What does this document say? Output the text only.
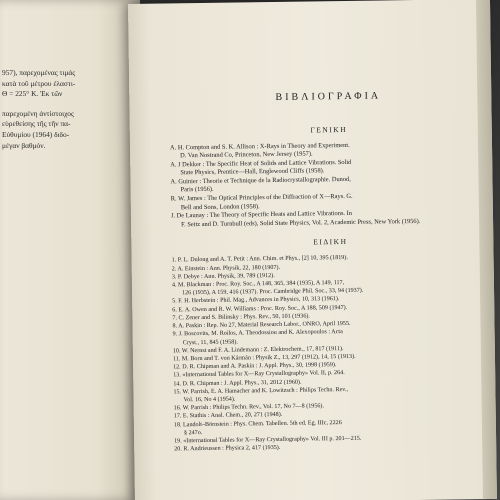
957), παρεχομένας τιμάς
κατὰ τοῦ μέτρου ἐλαστι-
Θ = 225° Κ. Ἐκ τῶν
παρεχομένη ἀντίστοιχος
εὑρεθείσης τῆς τῆν πα-
Εὐθυμίου (1964) διδο-
μέγαν βαθμόν.
ΒΙΒΛΙΟΓΡΑΦΙΑ
ΓΕΝΙΚΗ
A. H. Compton and S. K. Allison : X-Rays in Theory and Experiment.
D. Van Nostrand Co, Princeton, New Jersey (1957).
A. J Dekker : The Specific Heat of Solids and Lattice Vibrations. Solid
State Physics, Prentice—Hall, Englewood Cliffs (1958).
A. Guinier : Theorie et Technique de la Radiocrystallographie. Dunod,
Paris (1956).
R. W. James : The Optical Principles of the Diffraction of X—Rays. G.
Bell and Sons, London (1958).
J. De Launay : The Theory of Specific Heats and Lattice Vibrations. In
F. Seitz and D. Turnbull (eds), Solid State Physics, Vol. 2, Academic Press, New York (1956).
ΕΙΔΙΚΗ
1. P. L. Dulong and A. T. Petit : Ann. Chim. et Phys., [2] 10, 395 (1819).
2. A. Einstein : Ann. Physik, 22, 180 (1907).
3. P. Debye : Ann. Physik, 39, 789 (1912).
4. M. Blackman : Proc. Roy. Soc., A 148, 365, 384 (1935), A 149, 117,
126 (1935), A 159, 416 (1937). Proc. Cambridge Phil. Soc., 33, 94 (1937).
5. F. H. Herbstein : Phil. Mag., Advances in Physics, 10, 313 (1961).
6. E. A. Owen and R. W. Williams : Proc. Roy. Soc., A 188, 509 (1947).
7. C. Zener and S. Bilinsky : Phys. Rev., 50, 101 (1936).
8. A. Paskin : Rep. No 27, Material Research Labor., ONRO, April 1955.
9. J. Boscovits, M. Roilos, A. Theodossiou and K. Alexopoulos : Acta
Cryst., 11, 845 (1958).
10. W. Nernst and F. A. Lindemann : Z. Elektrochem., 17, 817 (1911).
11. M. Born and T. von Kármán : Physik Z., 13, 297 (1912), 14, 15 (1913).
12. D. R. Chipman and A. Paskin : J. Appl. Phys., 30, 1998 (1959).
13. «International Tables for X—Ray Crystallography» Vol. II, p. 264.
14. D. R. Chipman : J. Appl. Phys., 31, 2012 (1960).
15. W. Parrish, E. A. Hamacher and K. Lowitzsch : Philips Techn. Rev.,
Vol. 16, No 4 (1954).
16. W. Parrish : Philips Techn. Rev., Vol. 17, No 7—8 (1956).
17. E. Stathis : Anal. Chem., 20, 271 (1948).
18. Landolt–Börnstein : Phys. Chem. Tabellen. 5th ed. Eg. IIIc, 2226
§ 247ο.
19. «International Tables for X—Ray Crystallography» Vol. III p. 201—215.
20. R. Andrieussen : Physica 2, 417 (1935).
